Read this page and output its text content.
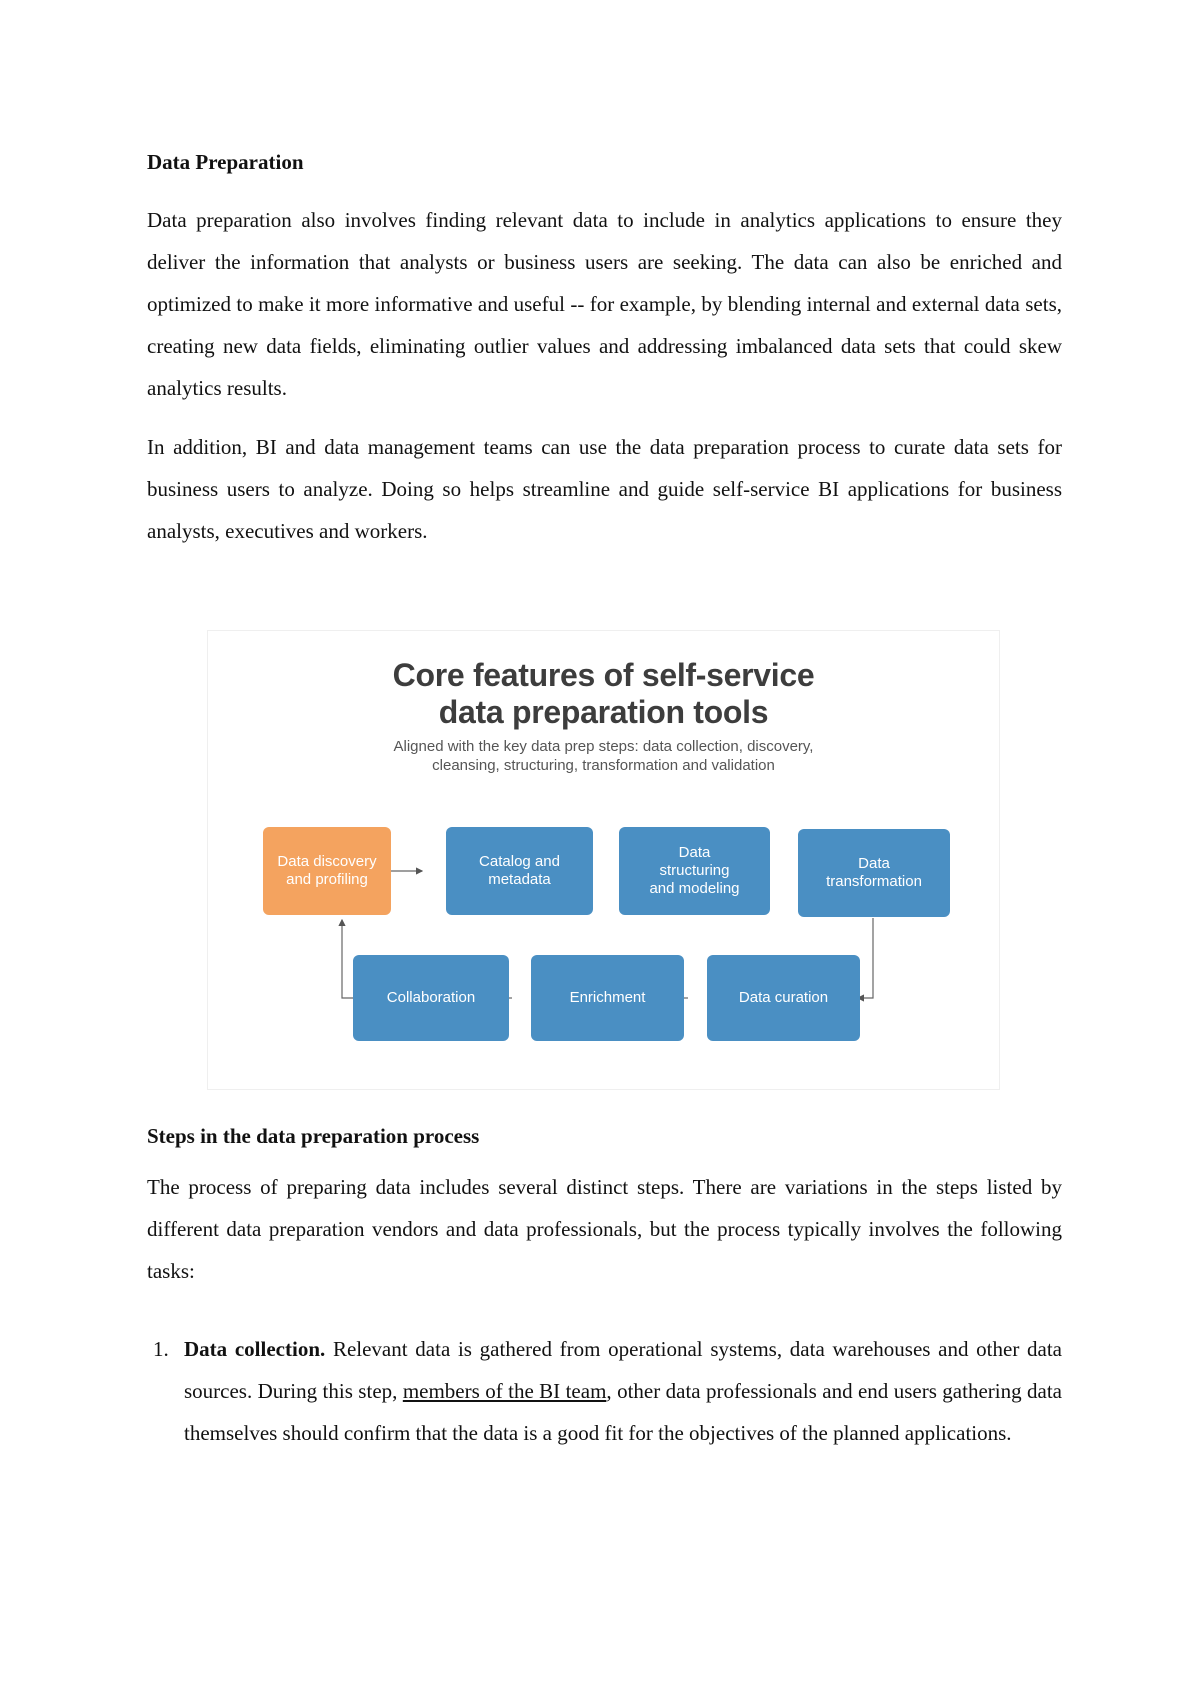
Data Preparation

Data preparation also involves finding relevant data to include in analytics applications to ensure they deliver the information that analysts or business users are seeking. The data can also be enriched and optimized to make it more informative and useful -- for example, by blending internal and external data sets, creating new data fields, eliminating outlier values and addressing imbalanced data sets that could skew analytics results.

In addition, BI and data management teams can use the data preparation process to curate data sets for business users to analyze. Doing so helps streamline and guide self-service BI applications for business analysts, executives and workers.

Core features of self-service
data preparation tools
Aligned with the key data prep steps: data collection, discovery,
cleansing, structuring, transformation and validation
Data discovery
and profiling
Catalog and
metadata
Data
structuring
and modeling
Data
transformation
Data curation
Enrichment
Collaboration
Steps in the data preparation process

The process of preparing data includes several distinct steps. There are variations in the steps listed by different data preparation vendors and data professionals, but the process typically involves the following tasks:

1. Data collection. Relevant data is gathered from operational systems, data warehouses and other data sources. During this step, members of the BI team, other data professionals and end users gathering data themselves should confirm that the data is a good fit for the objectives of the planned applications.
